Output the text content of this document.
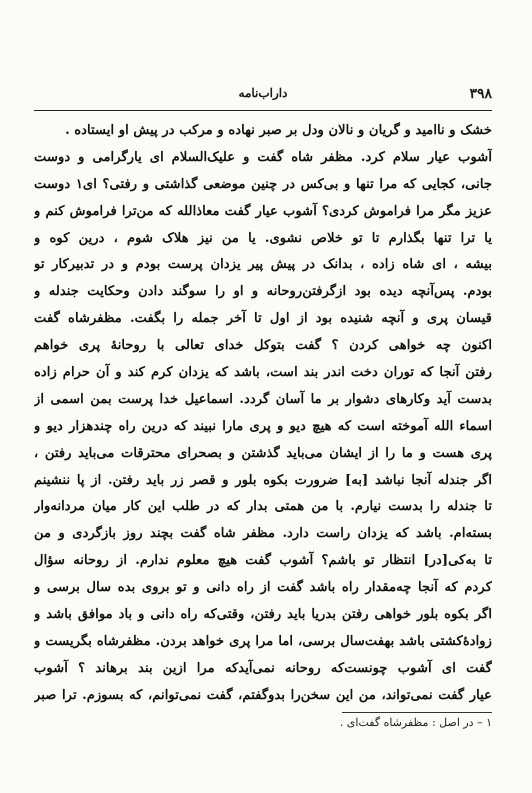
۳۹۸
داراب‌نامه
خشک و ناامید و گریان و نالان ودل بر صبر نهاده و مرکب در پیش او ایستاده .
آشوب عیار سلام کرد. مظفر شاه گفت و علیک‌السلام ای یارگرامی و دوست
جانی، کجایی که مرا تنها و بی‌کس در چنین موضعی گذاشتی و رفتی؟ ای۱ دوست
عزیز مگر مرا فراموش کردی؟ آشوب عیار گفت معاذالله که من‌ترا فراموش کنم و
یا ترا تنها بگذارم تا تو خلاص نشوی. یا من نیز هلاک شوم ، درین کوه و
بیشه ، ای شاه زاده ، بدانک در پیش پیر یزدان پرست بودم و در تدبیرکار تو
بودم. پس‌آنچه دیده بود ازگرفتن‌روحانه و او را سوگند دادن وحکایت جندله و
قیسان پری و آنچه شنیده بود از اول تا آخر جمله را بگفت. مظفرشاه گفت
اکنون چه خواهی کردن ؟ گفت بتوکل خدای تعالی با روحانهٔ پری خواهم
رفتن آنجا که توران دخت اندر بند است، باشد که یزدان کرم کند و آن حرام زاده
بدست آید وکارهای دشوار بر ما آسان گردد. اسماعیل خدا پرست بمن اسمی از
اسماء الله آموخته است که هیچ دیو و پری مارا نبیند که درین راه چندهزار دیو و
پری هست و ما را از ایشان می‌باید گذشتن و بصحرای محترقات می‌باید رفتن ،
اگر جندله آنجا نباشد [به] ضرورت بکوه بلور و قصر زر باید رفتن. از پا ننشینم
تا جندله را بدست نیارم. با من همتی بدار که در طلب این کار میان مردانه‌وار
بسته‌ام. باشد که یزدان راست دارد. مظفر شاه گفت بچند روز بازگردی و من
تا به‌کی[در] انتظار تو باشم؟ آشوب گفت هیچ معلوم ندارم. از روحانه سؤال
کردم که آنجا چه‌مقدار راه باشد گفت از راه دانی و تو بروی بده سال برسی و
اگر بکوه بلور خواهی رفتن بدریا باید رفتن، وقتی‌که راه دانی و باد موافق باشد و
زوادهٔ‌کشتی باشد بهفت‌سال برسی، اما مرا پری خواهد بردن. مظفرشاه بگریست و
گفت ای آشوب چونست‌که روحانه نمی‌آیدکه مرا ازین بند برهاند ؟ آشوب
عیار گفت نمی‌تواند، من این سخن‌را بدوگفتم، گفت نمی‌توانم، که بسوزم. ترا صبر
۱ – در اصل : مظفرشاه گفت‌ای .
